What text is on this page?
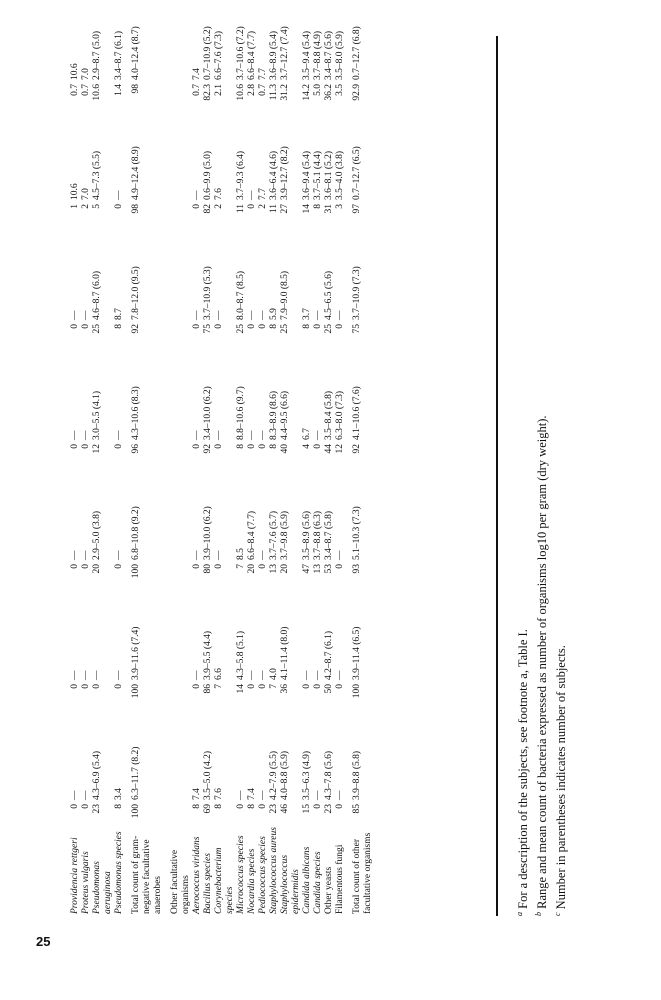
Providencia rettgeri	0	—	0	—	0	—	0	—	0	—	1	10.6	0.7	10.6
Proteus vulgaris	0	—	0	—	0	—	0	—	0	—	2	7.0	0.7	7.0
Pseudomonas aeruginosa	23	4.3–6.9 (5.4)	0	—	20	2.9–5.0 (3.8)	12	3.0–5.5 (4.1)	25	4.6–8.7 (6.0)	5	4.5–7.3 (5.5)	10.6	2.9–8.7 (5.0)
Pseudomonas species	8	3.4	0	—	0	—	0	—	8	8.7	0	—	1.4	3.4–8.7 (6.1)
Total count of gram-negative facultative anaerobes	100	6.3–11.7 (8.2)	100	3.9–11.6 (7.4)	100	6.8–10.8 (9.2)	96	4.3–10.6 (8.3)	92	7.8–12.0 (9.5)	98	4.9–12.4 (8.9)	98	4.0–12.4 (8.7)
Other facultative organisms														
Aerococcus viridans	8	7.4	0	—	0	—	0	—	0	—	0	—	0.7	7.4
Bacillus species	69	3.5–5.0 (4.2)	86	3.9–5.5 (4.4)	80	3.9–10.0 (6.2)	92	3.4–10.0 (6.2)	75	3.7–10.9 (5.3)	82	0.6–9.9 (5.0)	82.3	0.7–10.9 (5.2)
Corynebacterium species	8	7.6	7	6.6	0	—	0	—	0	—	2	7.6	2.1	6.6–7.6 (7.3)
Micrococcus species	0	—	14	4.3–5.8 (5.1)	7	8.5	8	8.8–10.6 (9.7)	25	8.0–8.7 (8.5)	11	3.7–9.3 (6.4)	10.6	3.7–10.6 (7.2)
Nocardia species	8	7.4	0	—	20	6.6–8.4 (7.7)	0	—	0	—	0	—	2.8	6.6–8.4 (7.7)
Pediococcus species	0	—	0	—	0	—	0	—	0	—	2	7.7	0.7	7.7
Staphylococcus aureus	23	4.2–7.9 (5.5)	7	4.0	13	3.7–7.6 (5.7)	8	8.3–8.9 (8.6)	8	5.9	11	3.6–6.4 (4.6)	11.3	3.6–8.9 (5.4)
Staphylococcus epidermidis	46	4.0–8.8 (5.9)	36	4.1–11.4 (8.0)	20	3.7–9.8 (5.9)	40	4.4–9.5 (6.6)	25	7.9–9.0 (8.5)	27	3.9–12.7 (8.2)	31.2	3.7–12.7 (7.4)
Candida albicans	15	3.5–6.3 (4.9)	0	—	47	3.5–8.9 (5.6)	4	6.7	8	3.7	14	3.6–9.4 (5.4)	14.2	3.5–9.4 (5.4)
Candida species	0	—	0	—	13	3.7–8.8 (6.3)	0	—	0	—	8	3.7–5.1 (4.4)	5.0	3.7–8.8 (4.9)
Other yeasts	23	4.3–7.8 (5.6)	50	4.2–8.7 (6.1)	53	3.4–8.7 (5.8)	44	3.5–8.4 (5.8)	25	4.5–6.5 (5.6)	31	3.6–8.1 (5.2)	36.2	3.4–8.7 (5.6)
Filamentous fungi	0	—	0	—	0	—	12	6.3–8.0 (7.3)	0	—	3	3.5–4.0 (3.8)	3.5	3.5–8.0 (5.9)
Total count of other facultative organisms	85	3.9–8.8 (5.8)	100	3.9–11.4 (6.5)	93	5.1–10.3 (7.3)	92	4.1–10.6 (7.6)	75	3.7–10.9 (7.3)	97	0.7–12.7 (6.5)	92.9	0.7–12.7 (6.8)
$^a$ For a description of the subjects, see footnote a, Table I.
$^b$ Range and mean count of bacteria expressed as number of organisms log10 per gram (dry weight).
$^c$ Number in parentheses indicates number of subjects.
25
